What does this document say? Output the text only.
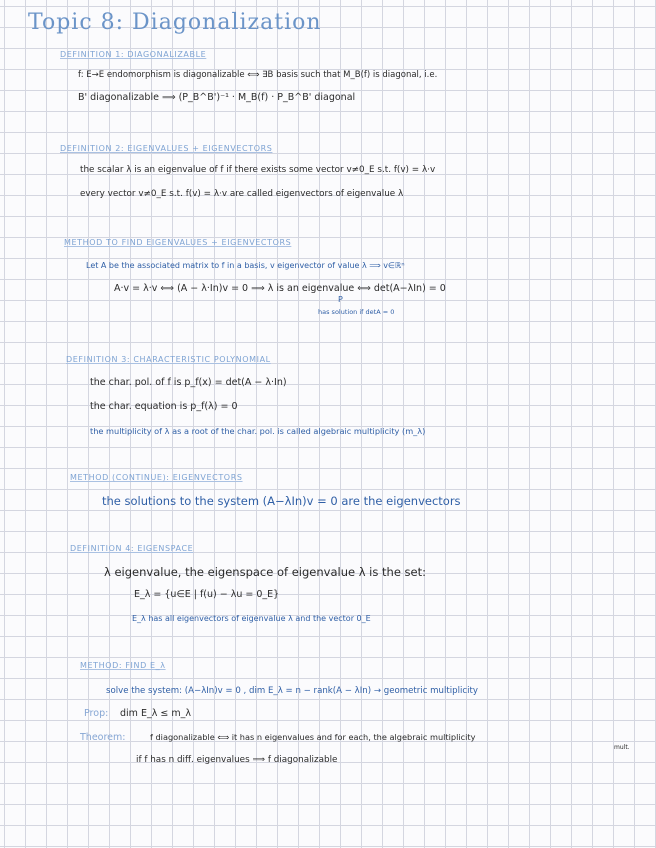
Topic 8: Diagonalization
DEFINITION 1: DIAGONALIZABLE
f: E→E endomorphism is diagonalizable ⟺ ∃B basis such that M_B(f) is diagonal, i.e.
B' diagonalizable ⟹ (P_B^B')⁻¹ · M_B(f) · P_B^B' diagonal
DEFINITION 2: EIGENVALUES + EIGENVECTORS
the scalar λ is an eigenvalue of f if there exists some vector v≠0_E s.t. f(v) = λ·v
every vector v≠0_E s.t. f(v) = λ·v are called eigenvectors of eigenvalue λ
METHOD TO FIND EIGENVALUES + EIGENVECTORS
Let A be the associated matrix to f in a basis, v eigenvector of value λ ⟹ v∈ℝⁿ
A·v = λ·v ⟺ (A − λ·In)v = 0 ⟹ λ is an eigenvalue ⟺ det(A−λIn) = 0
P
has solution if detA = 0
DEFINITION 3: CHARACTERISTIC POLYNOMIAL
the char. pol. of f is p_f(x) = det(A − λ·In)
the char. equation is p_f(λ) = 0
the multiplicity of λ as a root of the char. pol. is called algebraic multiplicity (m_λ)
METHOD (CONTINUE): EIGENVECTORS
the solutions to the system (A−λIn)v = 0 are the eigenvectors
DEFINITION 4: EIGENSPACE
λ eigenvalue, the eigenspace of eigenvalue λ is the set:
E_λ = {u∈E | f(u) − λu = 0_E}
E_λ has all eigenvectors of eigenvalue λ and the vector 0_E
METHOD: FIND E_λ
solve the system: (A−λIn)v = 0 , dim E_λ = n − rank(A − λIn) → geometric multiplicity
Prop: dim E_λ ≤ m_λ
Theorem:	f diagonalizable ⟺ it has n eigenvalues and for each, the algebraic multiplicity
mult.
if f has n diff. eigenvalues ⟹ f diagonalizable
